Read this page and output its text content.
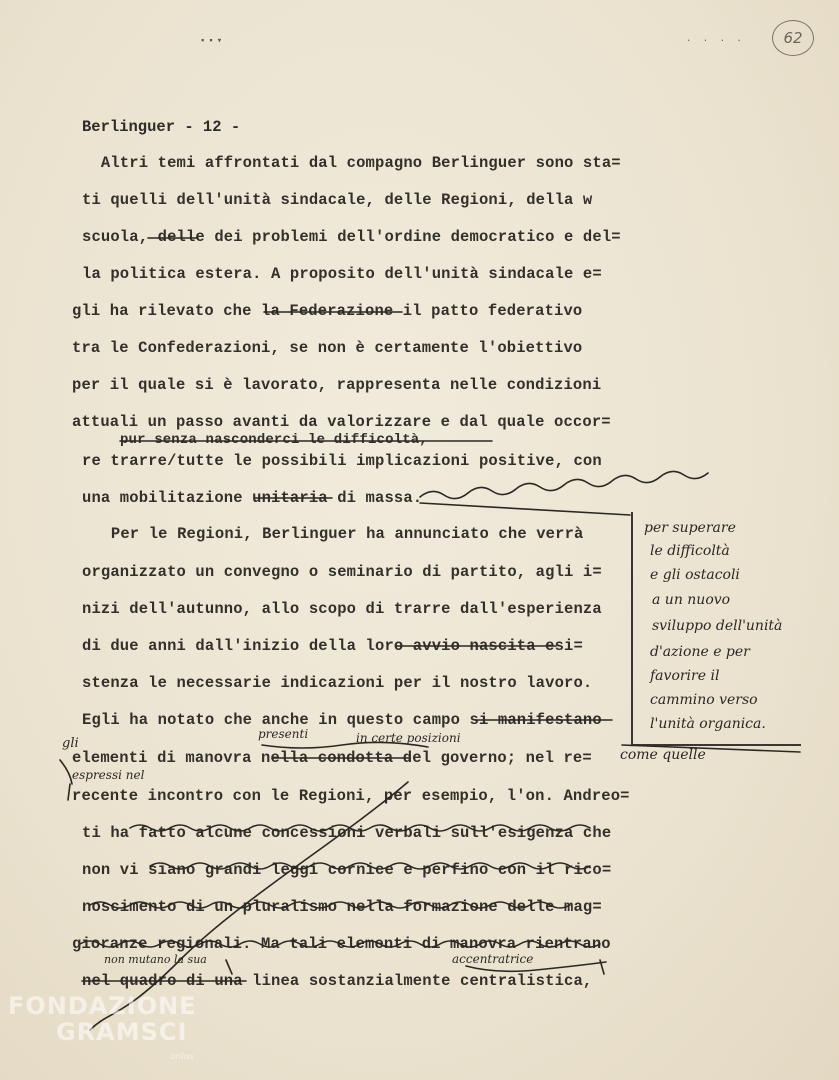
▪▪▾	· · · ·	62
Berlinguer - 12 -
Altri temi affrontati dal compagno Berlinguer sono sta=
ti quelli dell'unità sindacale, delle Regioni, della w
scuola, delle dei problemi dell'ordine democratico e del=
la politica estera. A proposito dell'unità sindacale e=
gli ha rilevato che la Federazione il patto federativo
tra le Confederazioni, se non è certamente l'obiettivo
per il quale si è lavorato, rappresenta nelle condizioni
attuali un passo avanti da valorizzare e dal quale occor=
pur senza nasconderci le difficoltà,
re trarre/tutte le possibili implicazioni positive, con
una mobilitazione unitaria di massa.
Per le Regioni, Berlinguer ha annunciato che verrà
organizzato un convegno o seminario di partito, agli i=
nizi dell'autunno, allo scopo di trarre dall'esperienza
di due anni dall'inizio della loro avvio nascita esi=
stenza le necessarie indicazioni per il nostro lavoro.
Egli ha notato che anche in questo campo si manifestano
elementi di manovra nella condotta del governo; nel re=
recente incontro con le Regioni, per esempio, l'on. Andreo=
ti ha fatto alcune concessioni verbali sull'esigenza che
non vi siano grandi leggi cornice e perfino con il rico=
noscimento di un pluralismo nella formazione delle mag=
gioranze regionali. Ma tali elementi di manovra rientrano
nel quadro di una linea sostanzialmente centralistica,
per superare
le difficoltà
e gli ostacoli
a un nuovo
sviluppo dell'unità
d'azione e per
favorire il
cammino verso
l'unità organica.
presenti	in certe posizioni
come quelle
gli
espressi nel
non mutano la sua	accentratrice
FONDAZIONE
GRAMSCI
onlus
